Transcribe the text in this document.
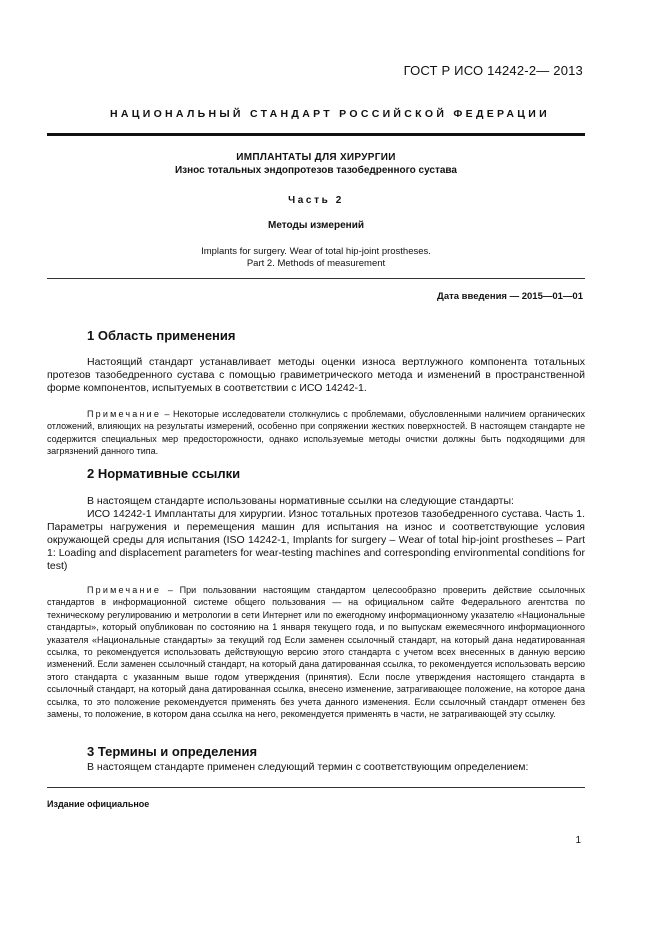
ГОСТ Р ИСО 14242-2— 2013
НАЦИОНАЛЬНЫЙ СТАНДАРТ РОССИЙСКОЙ ФЕДЕРАЦИИ
ИМПЛАНТАТЫ ДЛЯ ХИРУРГИИ
Износ тотальных эндопротезов тазобедренного сустава
Часть 2
Методы измерений
Implants for surgery. Wear of total hip-joint prostheses.
Part 2. Methods of measurement
Дата введения — 2015—01—01
1 Область применения

Настоящий стандарт устанавливает методы оценки износа вертлужного компонента тотальных протезов тазобедренного сустава с помощью гравиметрического метода и изменений в пространственной форме компонентов, испытуемых в соответствии с ИСО 14242-1.

Примечание – Некоторые исследователи столкнулись с проблемами, обусловленными наличием органических отложений, влияющих на результаты измерений, особенно при сопряжении жестких поверхностей. В настоящем стандарте не содержится специальных мер предосторожности, однако используемые методы очистки должны быть подходящими для загрязнений данного типа.

2 Нормативные ссылки

В настоящем стандарте использованы нормативные ссылки на следующие стандарты:

ИСО 14242-1 Имплантаты для хирургии. Износ тотальных протезов тазобедренного сустава. Часть 1. Параметры нагружения и перемещения машин для испытания на износ и соответствующие условия окружающей среды для испытания (ISO 14242-1, Implants for surgery – Wear of total hip-joint prostheses – Part 1: Loading and displacement parameters for wear-testing machines and corresponding environmental conditions for test)

Примечание – При пользовании настоящим стандартом целесообразно проверить действие ссылочных стандартов в информационной системе общего пользования — на официальном сайте Федерального агентства по техническому регулированию и метрологии в сети Интернет или по ежегодному информационному указателю «Национальные стандарты», который опубликован по состоянию на 1 января текущего года, и по выпускам ежемесячного информационного указателя «Национальные стандарты» за текущий год Если заменен ссылочный стандарт, на который дана недатированная ссылка, то рекомендуется использовать действующую версию этого стандарта с учетом всех внесенных в данную версию изменений. Если заменен ссылочный стандарт, на который дана датированная ссылка, то рекомендуется использовать версию этого стандарта с указанным выше годом утверждения (принятия). Если после утверждения настоящего стандарта в ссылочный стандарт, на который дана датированная ссылка, внесено изменение, затрагивающее положение, на которое дана ссылка, то это положение рекомендуется применять без учета данного изменения. Если ссылочный стандарт отменен без замены, то положение, в котором дана ссылка на него, рекомендуется применять в части, не затрагивающей эту ссылку.

3 Термины и определения

В настоящем стандарте применен следующий термин с соответствующим определением:

Издание официальное
1
